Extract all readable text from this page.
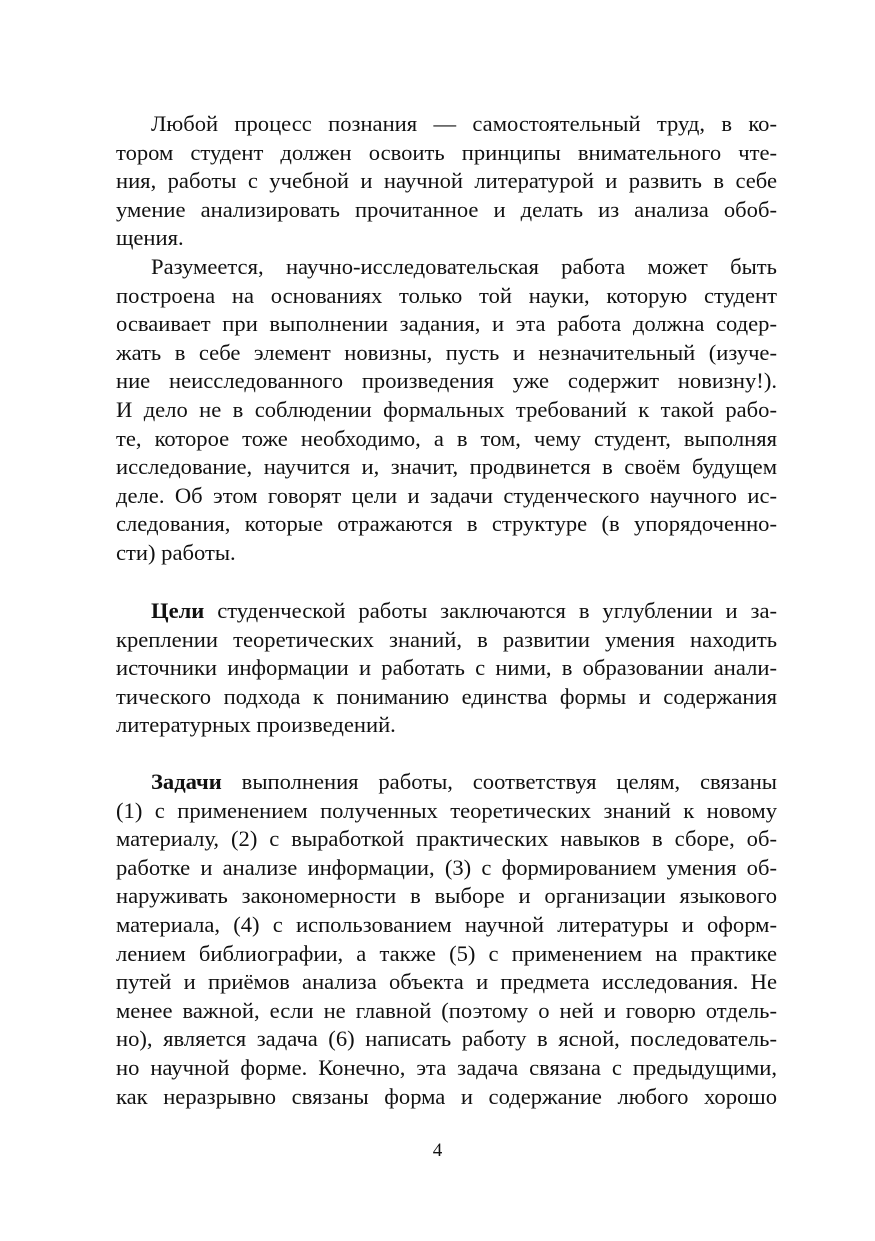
Любой процесс познания — самостоятельный труд, в ко-
тором студент должен освоить принципы внимательного чте-
ния, работы с учебной и научной литературой и развить в себе
умение анализировать прочитанное и делать из анализа обоб-
щения.
Разумеется, научно-исследовательская работа может быть
построена на основаниях только той науки, которую студент
осваивает при выполнении задания, и эта работа должна содер-
жать в себе элемент новизны, пусть и незначительный (изуче-
ние неисследованного произведения уже содержит новизну!).
И дело не в соблюдении формальных требований к такой рабо-
те, которое тоже необходимо, а в том, чему студент, выполняя
исследование, научится и, значит, продвинется в своём будущем
деле. Об этом говорят цели и задачи студенческого научного ис-
следования, которые отражаются в структуре (в упорядоченно-
сти) работы.
Цели студенческой работы заключаются в углублении и за-
креплении теоретических знаний, в развитии умения находить
источники информации и работать с ними, в образовании анали-
тического подхода к пониманию единства формы и содержания
литературных произведений.
Задачи выполнения работы, соответствуя целям, связаны
(1) с применением полученных теоретических знаний к новому
материалу, (2) с выработкой практических навыков в сборе, об-
работке и анализе информации, (3) с формированием умения об-
наруживать закономерности в выборе и организации языкового
материала, (4) с использованием научной литературы и оформ-
лением библиографии, а также (5) с применением на практике
путей и приёмов анализа объекта и предмета исследования. Не
менее важной, если не главной (поэтому о ней и говорю отдель-
но), является задача (6) написать работу в ясной, последователь-
но научной форме. Конечно, эта задача связана с предыдущими,
как неразрывно связаны форма и содержание любого хорошо
4
